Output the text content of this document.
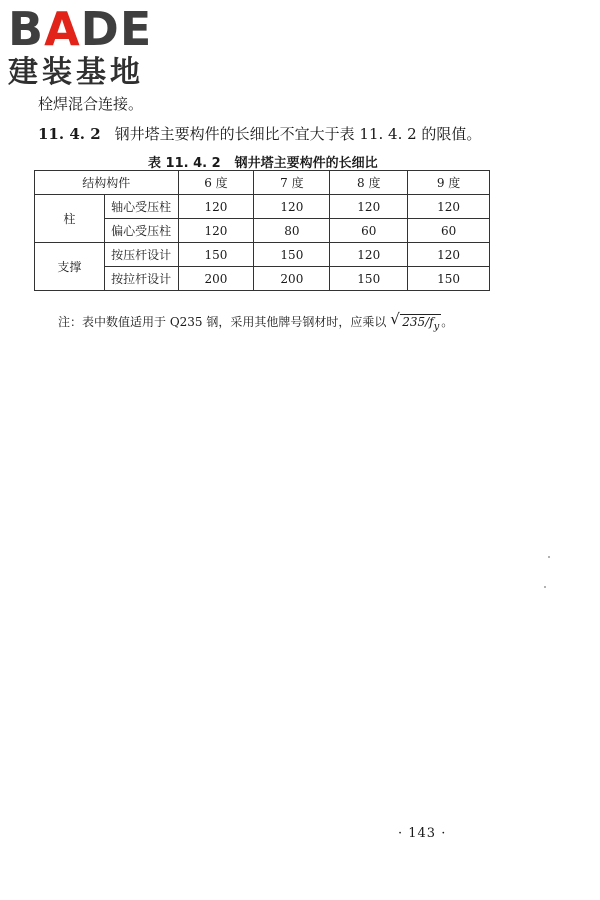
BADE
建装基地
栓焊混合连接。
11. 4. 2 钢井塔主要构件的长细比不宜大于表 11. 4. 2 的限值。
表 11. 4. 2 钢井塔主要构件的长细比
结构构件		6 度	7 度	8 度	9 度
柱	轴心受压柱	120	120	120	120
	偏心受压柱	120	80	60	60
支撑	按压杆设计	150	150	120	120
	按拉杆设计	200	200	150	150
注：表中数值适用于 Q235 钢，采用其他牌号钢材时，应乘以 √ $235/f_y$ 。
· 143 ·
